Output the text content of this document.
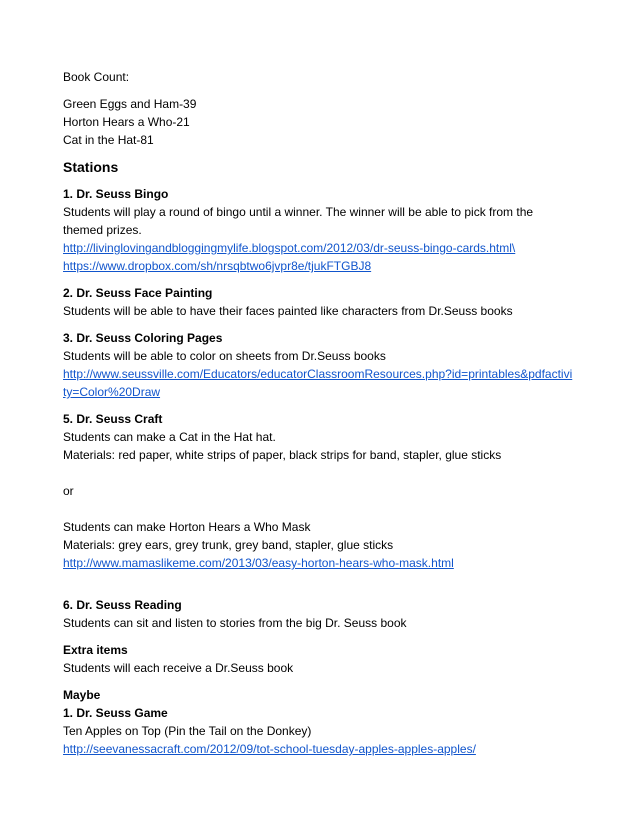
Book Count:
Green Eggs and Ham-39
Horton Hears a Who-21
Cat in the Hat-81
Stations
1. Dr. Seuss Bingo
Students will play a round of bingo until a winner. The winner will be able to pick from the
themed prizes.
http://livinglovingandbloggingmylife.blogspot.com/2012/03/dr-seuss-bingo-cards.html\
https://www.dropbox.com/sh/nrsqbtwo6jvpr8e/tjukFTGBJ8
2. Dr. Seuss Face Painting
Students will be able to have their faces painted like characters from Dr.Seuss books
3. Dr. Seuss Coloring Pages
Students will be able to color on sheets from Dr.Seuss books
http://www.seussville.com/Educators/educatorClassroomResources.php?id=printables&pdfactivi
ty=Color%20Draw
5. Dr. Seuss Craft
Students can make a Cat in the Hat hat.
Materials: red paper, white strips of paper, black strips for band, stapler, glue sticks
or
Students can make Horton Hears a Who Mask
Materials: grey ears, grey trunk, grey band, stapler, glue sticks
http://www.mamaslikeme.com/2013/03/easy-horton-hears-who-mask.html
6. Dr. Seuss Reading
Students can sit and listen to stories from the big Dr. Seuss book
Extra items
Students will each receive a Dr.Seuss book
Maybe
1. Dr. Seuss Game
Ten Apples on Top (Pin the Tail on the Donkey)
http://seevanessacraft.com/2012/09/tot-school-tuesday-apples-apples-apples/
